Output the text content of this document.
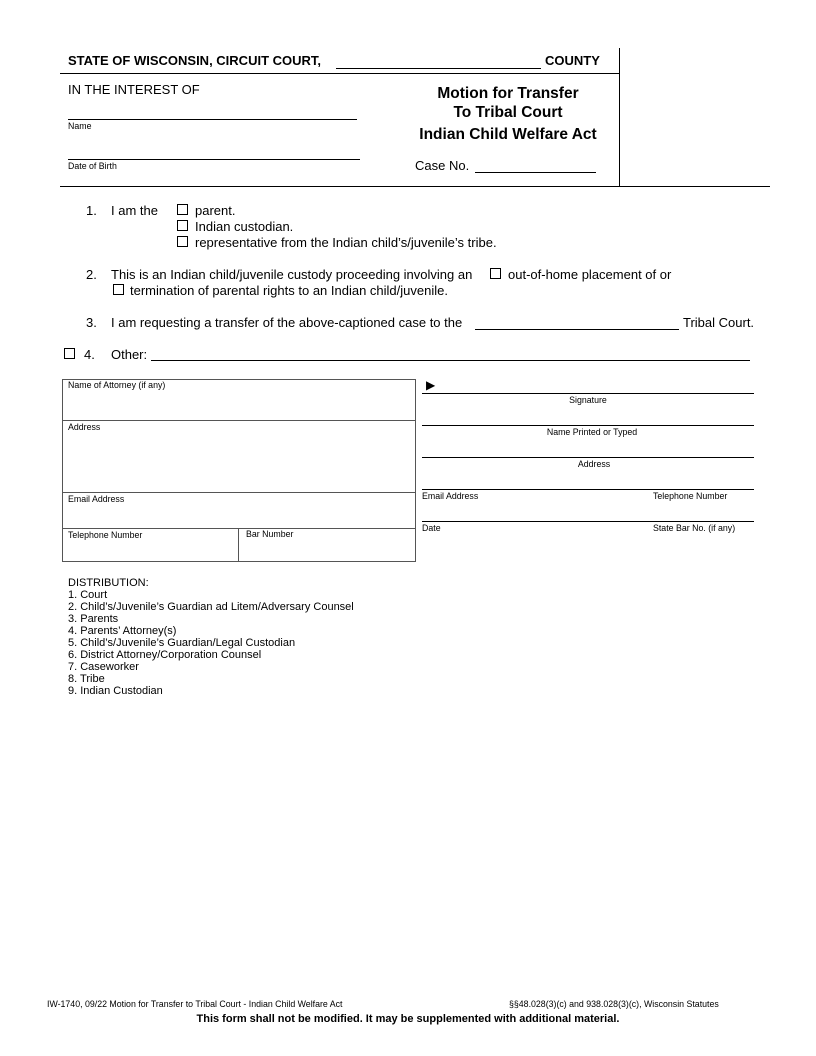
STATE OF WISCONSIN, CIRCUIT COURT,	COUNTY
IN THE INTEREST OF
Name
Date of Birth
Motion for Transfer
To Tribal Court
Indian Child Welfare Act
Case No.
1. I am the	parent.
Indian custodian.
representative from the Indian child’s/juvenile’s tribe.
2. This is an Indian child/juvenile custody proceeding involving an	out-of-home placement of or
termination of parental rights to an Indian child/juvenile.
3. I am requesting a transfer of the above-captioned case to the	Tribal Court.
4. Other:
Name of Attorney (if any)
Address
Email Address
Telephone Number	Bar Number
▶
Signature
Name Printed or Typed
Address
Email Address	Telephone Number
Date	State Bar No. (if any)
DISTRIBUTION:
1. Court
2. Child’s/Juvenile’s Guardian ad Litem/Adversary Counsel
3. Parents
4. Parents’ Attorney(s)
5. Child’s/Juvenile’s Guardian/Legal Custodian
6. District Attorney/Corporation Counsel
7. Caseworker
8. Tribe
9. Indian Custodian
IW-1740, 09/22 Motion for Transfer to Tribal Court - Indian Child Welfare Act	§§48.028(3)(c) and 938.028(3)(c), Wisconsin Statutes
This form shall not be modified. It may be supplemented with additional material.
